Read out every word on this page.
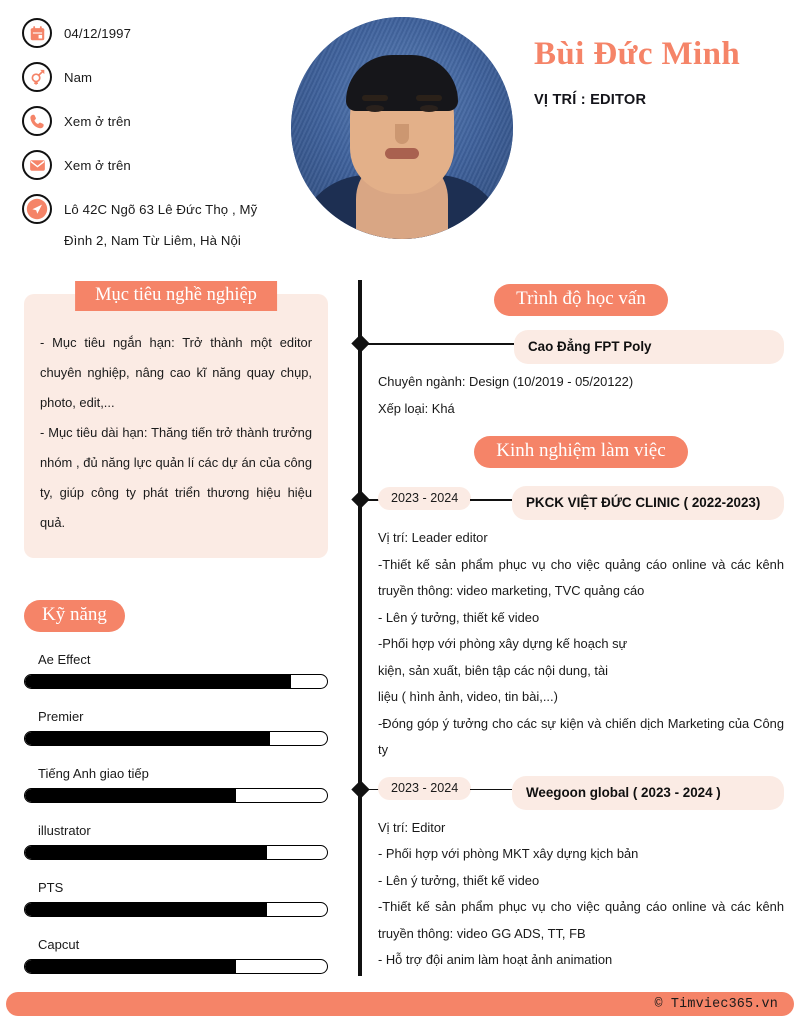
04/12/1997
Nam
Xem ở trên
Xem ở trên
Lô 42C Ngõ 63 Lê Đức Thọ , Mỹ
Đình 2, Nam Từ Liêm, Hà Nội
Bùi Đức Minh
VỊ TRÍ : EDITOR
Mục tiêu nghề nghiệp

- Mục tiêu ngắn hạn: Trở thành một editor chuyên nghiệp, nâng cao kĩ năng quay chụp, photo, edit,...

- Mục tiêu dài hạn: Thăng tiến trở thành trưởng nhóm , đủ năng lực quản lí các dự án của công ty, giúp công ty phát triển thương hiệu hiệu quả.

Kỹ năng
Ae Effect
Premier
Tiếng Anh giao tiếp
illustrator
PTS
Capcut
Trình độ học vấn
Cao Đẳng FPT Poly

Chuyên ngành: Design (10/2019 - 05/20122)

Xếp loại: Khá

Kinh nghiệm làm việc
2023 - 2024	PKCK VIỆT ĐỨC CLINIC ( 2022-2023)

Vị trí: Leader editor

-Thiết kế sản phẩm phục vụ cho việc quảng cáo online và các kênh truyền thông: video marketing, TVC quảng cáo

- Lên ý tưởng, thiết kế video

-Phối hợp với phòng xây dựng kế hoạch sự

kiện, sản xuất, biên tập các nội dung, tài

liệu ( hình ảnh, video, tin bài,...)

-Đóng góp ý tưởng cho các sự kiện và chiến dịch Marketing của Công ty

2023 - 2024	Weegoon global ( 2023 - 2024 )

Vị trí: Editor

- Phối hợp với phòng MKT xây dựng kịch bản

- Lên ý tưởng, thiết kế video

-Thiết kế sản phẩm phục vụ cho việc quảng cáo online và các kênh truyền thông: video GG ADS, TT, FB

- Hỗ trợ đội anim làm hoạt ảnh animation

© Timviec365.vn
